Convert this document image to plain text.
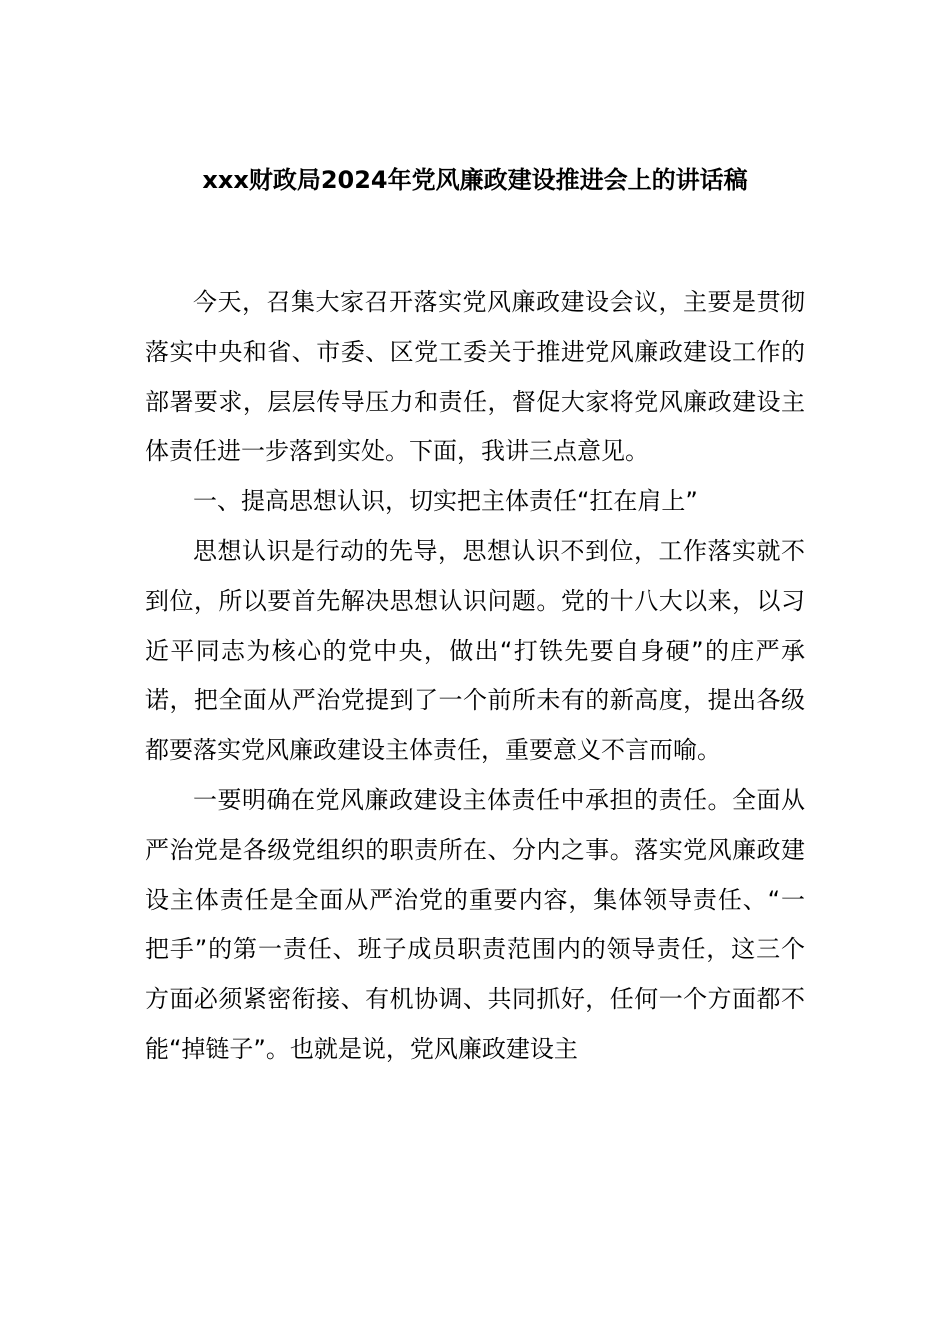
xxx财政局2024年党风廉政建设推进会上的讲话稿

今天，召集大家召开落实党风廉政建设会议，主要是贯彻落实中央和省、市委、区党工委关于推进党风廉政建设工作的部署要求，层层传导压力和责任，督促大家将党风廉政建设主体责任进一步落到实处。下面，我讲三点意见。

一、提高思想认识，切实把主体责任“扛在肩上”

思想认识是行动的先导，思想认识不到位，工作落实就不到位，所以要首先解决思想认识问题。党的十八大以来，以习近平同志为核心的党中央，做出“打铁先要自身硬”的庄严承诺，把全面从严治党提到了一个前所未有的新高度，提出各级都要落实党风廉政建设主体责任，重要意义不言而喻。

一要明确在党风廉政建设主体责任中承担的责任。全面从严治党是各级党组织的职责所在、分内之事。落实党风廉政建设主体责任是全面从严治党的重要内容，集体领导责任、“一把手”的第一责任、班子成员职责范围内的领导责任，这三个方面必须紧密衔接、有机协调、共同抓好，任何一个方面都不能“掉链子”。也就是说，党风廉政建设主
